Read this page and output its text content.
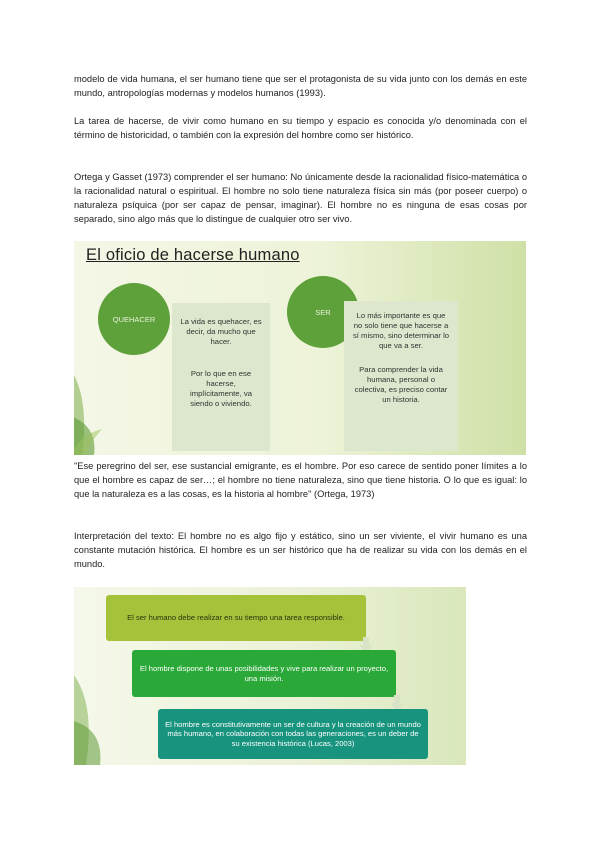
modelo de vida humana, el ser humano tiene que ser el protagonista de su vida junto con los demás en este mundo, antropologías modernas y modelos humanos (1993).

La tarea de hacerse, de vivir como humano en su tiempo y espacio es conocida y/o denominada con el término de historicidad, o también con la expresión del hombre como ser histórico.

Ortega y Gasset (1973) comprender el ser humano: No únicamente desde la racionalidad físico-matemática o la racionalidad natural o espiritual. El hombre no solo tiene naturaleza física sin más (por poseer cuerpo) o naturaleza psíquica (por ser capaz de pensar, imaginar). El hombre no es ninguna de esas cosas por separado, sino algo más que lo distingue de cualquier otro ser vivo.

El oficio de hacerse humano
QUEHACER	La vida es quehacer, es decir, da mucho que hacer.
Por lo que en ese hacerse, implícitamente, va siendo o viviendo.
SER	Lo más importante es que no solo tiene que hacerse a sí mismo, sino determinar lo que va a ser.
Para comprender la vida humana, personal o colectiva, es preciso contar un historia.

"Ese peregrino del ser, ese sustancial emigrante, es el hombre. Por eso carece de sentido poner límites a lo que el hombre es capaz de ser…; el hombre no tiene naturaleza, sino que tiene historia. O lo que es igual: lo que la naturaleza es a las cosas, es la historia al hombre" (Ortega, 1973)

Interpretación del texto: El hombre no es algo fijo y estático, sino un ser viviente, el vivir humano es una constante mutación histórica. El hombre es un ser histórico que ha de realizar su vida con los demás en el mundo.

El ser humano debe realizar en su tiempo una tarea responsible.
El hombre dispone de unas posibilidades y vive para realizar un proyecto, una misión.
El hombre es constitutivamente un ser de cultura y la creación de un mundo más humano, en colaboración con todas las generaciones, es un deber de su existencia histórica (Lucas, 2003)
